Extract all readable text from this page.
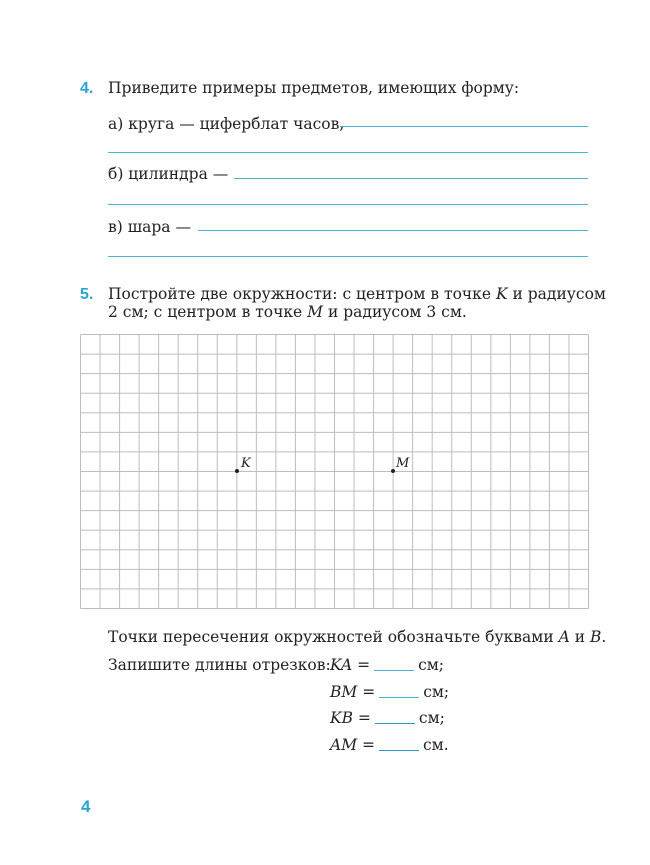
4. Приведите примеры предметов, имеющих форму:
а) круга — циферблат часов,
б) цилиндра —
в) шара —
5. Постройте две окружности: с центром в точке K и радиусом
2 см; с центром в точке M и радиусом 3 см.
K	M
Точки пересечения окружностей обозначьте буквами A и B.
Запишите длины отрезков: KA =	см;
BM =	см;
KB =	см;
AM =	см.
4
